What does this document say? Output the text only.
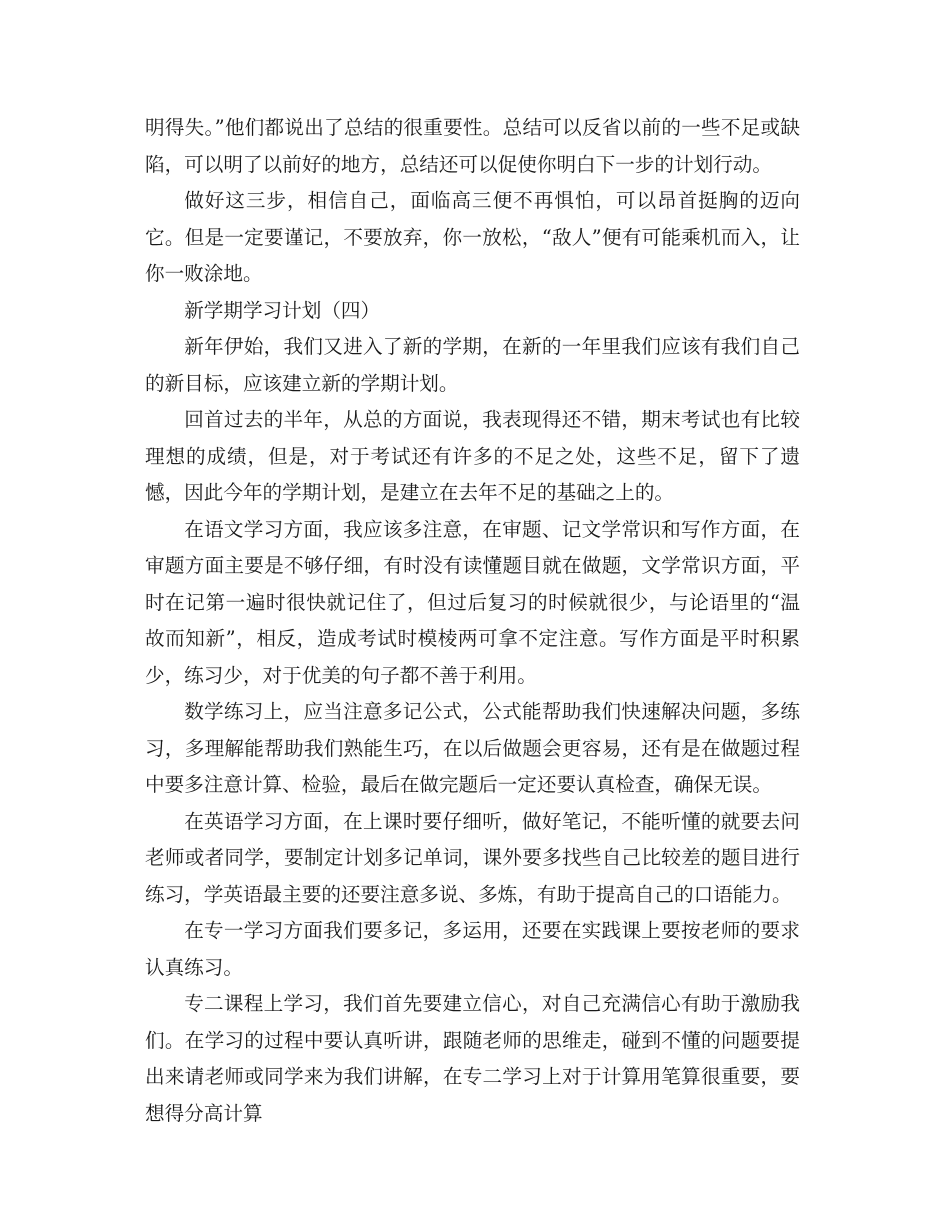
明得失。”他们都说出了总结的很重要性。总结可以反省以前的一些不足或缺陷，可以明了以前好的地方，总结还可以促使你明白下一步的计划行动。

做好这三步，相信自己，面临高三便不再惧怕，可以昂首挺胸的迈向它。但是一定要谨记，不要放弃，你一放松，“敌人”便有可能乘机而入，让你一败涂地。

新学期学习计划（四）

新年伊始，我们又进入了新的学期，在新的一年里我们应该有我们自己的新目标，应该建立新的学期计划。

回首过去的半年，从总的方面说，我表现得还不错，期末考试也有比较理想的成绩，但是，对于考试还有许多的不足之处，这些不足，留下了遗憾，因此今年的学期计划，是建立在去年不足的基础之上的。

在语文学习方面，我应该多注意，在审题、记文学常识和写作方面，在审题方面主要是不够仔细，有时没有读懂题目就在做题，文学常识方面，平时在记第一遍时很快就记住了，但过后复习的时候就很少，与论语里的“温故而知新”，相反，造成考试时模棱两可拿不定注意。写作方面是平时积累少，练习少，对于优美的句子都不善于利用。

数学练习上，应当注意多记公式，公式能帮助我们快速解决问题，多练习，多理解能帮助我们熟能生巧，在以后做题会更容易，还有是在做题过程中要多注意计算、检验，最后在做完题后一定还要认真检查，确保无误。

在英语学习方面，在上课时要仔细听，做好笔记，不能听懂的就要去问老师或者同学，要制定计划多记单词，课外要多找些自己比较差的题目进行练习，学英语最主要的还要注意多说、多炼，有助于提高自己的口语能力。

在专一学习方面我们要多记，多运用，还要在实践课上要按老师的要求认真练习。

专二课程上学习，我们首先要建立信心，对自己充满信心有助于激励我们。在学习的过程中要认真听讲，跟随老师的思维走，碰到不懂的问题要提出来请老师或同学来为我们讲解，在专二学习上对于计算用笔算很重要，要想得分高计算
